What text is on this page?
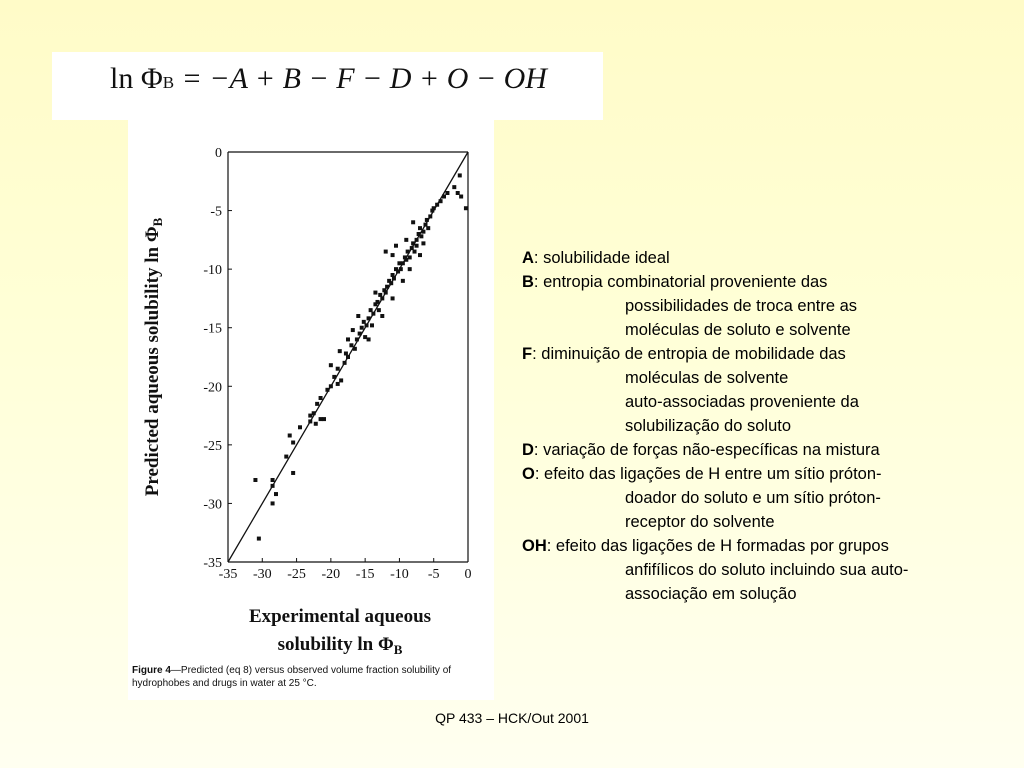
ln ΦB = −A + B − F − D + O − OH
-35 -30 -25 -20 -15 -10 -5 0
0
-5
-10
-15
-20
-25
-30
-35
Experimental aqueous
solubility $\ln \Phi_B$
Predicted aqueous solubility $\ln \Phi_B$
Figure 4—Predicted (eq 8) versus observed volume fraction solubility of hydrophobes and drugs in water at 25 °C.
A: solubilidade ideal
B: entropia combinatorial proveniente das
possibilidades de troca entre as
moléculas de soluto e solvente
F: diminuição de entropia de mobilidade das
moléculas de solvente
auto-associadas proveniente da
solubilização do soluto
D: variação de forças não-específicas na mistura
O: efeito das ligações de H entre um sítio próton-
doador do soluto e um sítio próton-
receptor do solvente
OH: efeito das ligações de H formadas por grupos
anfifílicos do soluto incluindo sua auto-
associação em solução
QP 433 – HCK/Out 2001
